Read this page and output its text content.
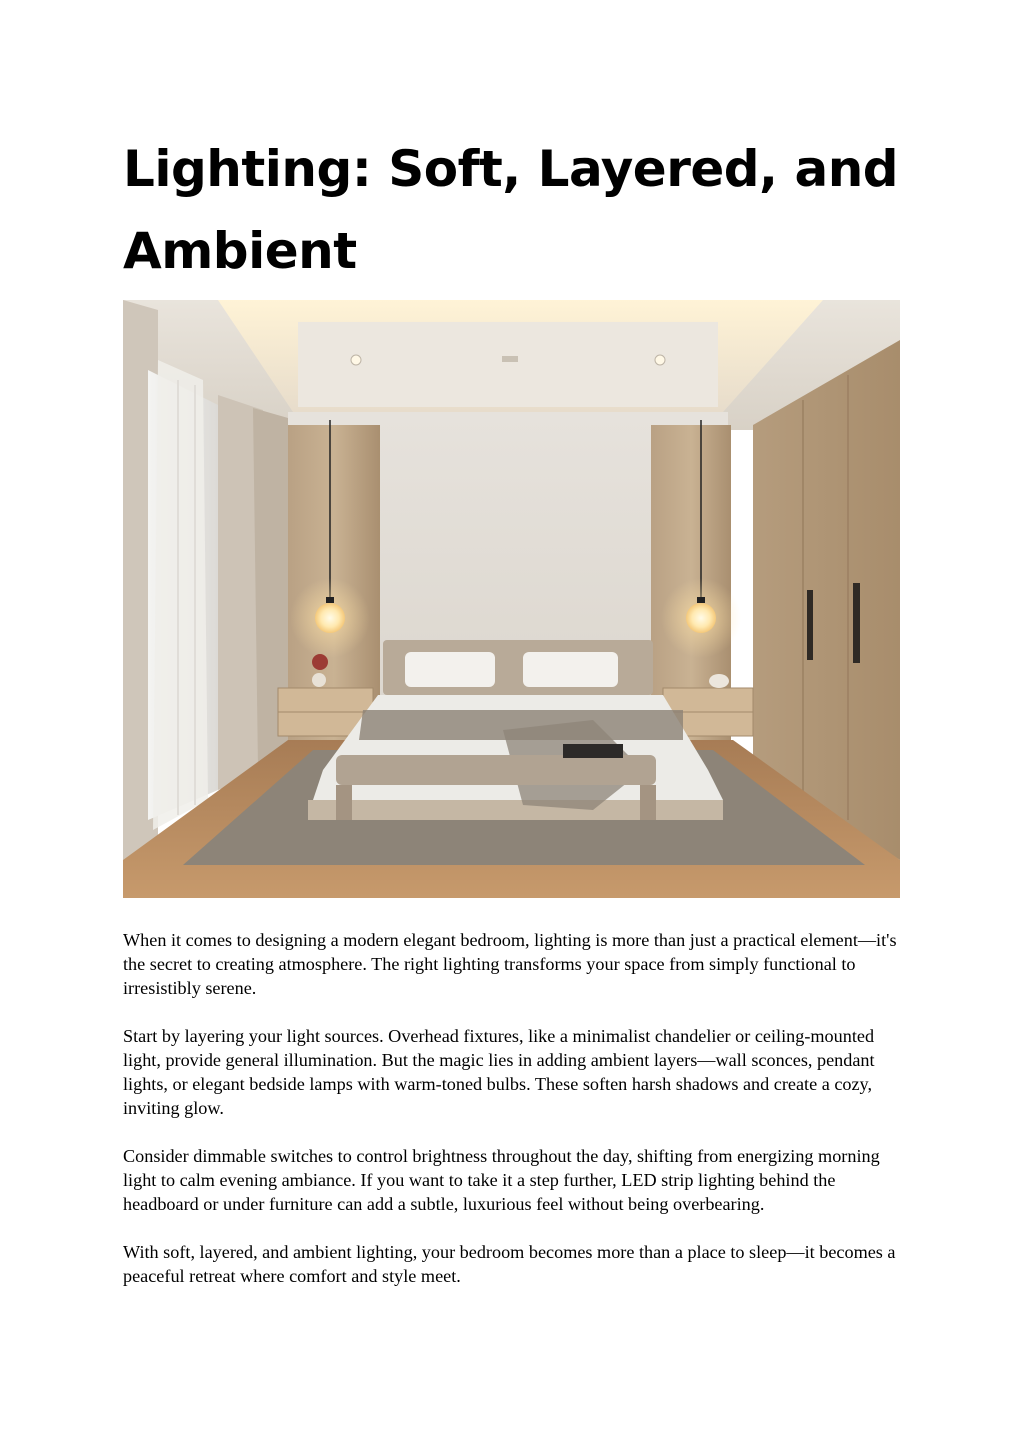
Lighting: Soft, Layered, and Ambient

When it comes to designing a modern elegant bedroom, lighting is more than just a practical element—it's the secret to creating atmosphere. The right lighting transforms your space from simply functional to irresistibly serene.

Start by layering your light sources. Overhead fixtures, like a minimalist chandelier or ceiling-mounted light, provide general illumination. But the magic lies in adding ambient layers—wall sconces, pendant lights, or elegant bedside lamps with warm-toned bulbs. These soften harsh shadows and create a cozy, inviting glow.

Consider dimmable switches to control brightness throughout the day, shifting from energizing morning light to calm evening ambiance. If you want to take it a step further, LED strip lighting behind the headboard or under furniture can add a subtle, luxurious feel without being overbearing.

With soft, layered, and ambient lighting, your bedroom becomes more than a place to sleep—it becomes a peaceful retreat where comfort and style meet.
